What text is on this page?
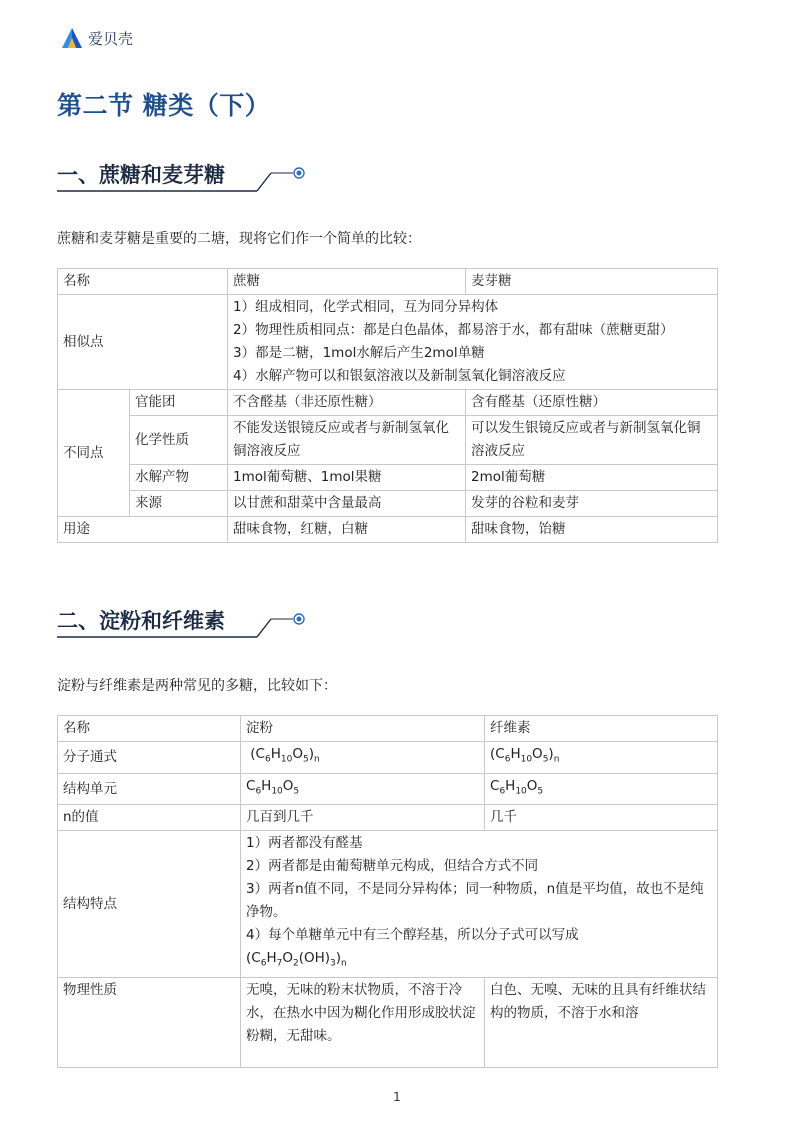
爱贝壳
第二节 糖类（下）
一、蔗糖和麦芽糖

蔗糖和麦芽糖是重要的二塘，现将它们作一个简单的比较：

名称		蔗糖	麦芽糖
相似点		1）组成相同，化学式相同，互为同分异构体
2）物理性质相同点：都是白色晶体，都易溶于水，都有甜味（蔗糖更甜）
3）都是二糖，1mol水解后产生2mol单糖
4）水解产物可以和银氨溶液以及新制氢氧化铜溶液反应	

不同点	官能团	不含醛基（非还原性糖）	含有醛基（还原性糖）
	化学性质	不能发送银镜反应或者与新制氢氧化铜溶液反应	可以发生银镜反应或者与新制氢氧化铜溶液反应
	水解产物	1mol葡萄糖、1mol果糖	2mol葡萄糖
	来源	以甘蔗和甜菜中含量最高	发芽的谷粒和麦芽
用途		甜味食物，红糖，白糖	甜味食物，饴糖
二、淀粉和纤维素

淀粉与纤维素是两种常见的多糖，比较如下：

名称	淀粉	纤维素
分子通式	$(C_6H_{10}O_5)_n$	$(C_6H_{10}O_5)_n$
结构单元	$C_6H_{10}O_5$	$C_6H_{10}O_5$
n的值	几百到几千	几千
结构特点	1）两者都没有醛基
2）两者都是由葡萄糖单元构成，但结合方式不同
3）两者n值不同，不是同分异构体；同一种物质，n值是平均值，故也不是纯净物。
4）每个单糖单元中有三个醇羟基，所以分子式可以写成
$(C_6H_7O_2(OH)_3)_n$

物理性质	无嗅，无味的粉末状物质，不溶于冷水，在热水中因为糊化作用形成胶状淀粉糊，无甜味。	白色、无嗅、无味的且具有纤维状结构的物质，不溶于水和溶
1
